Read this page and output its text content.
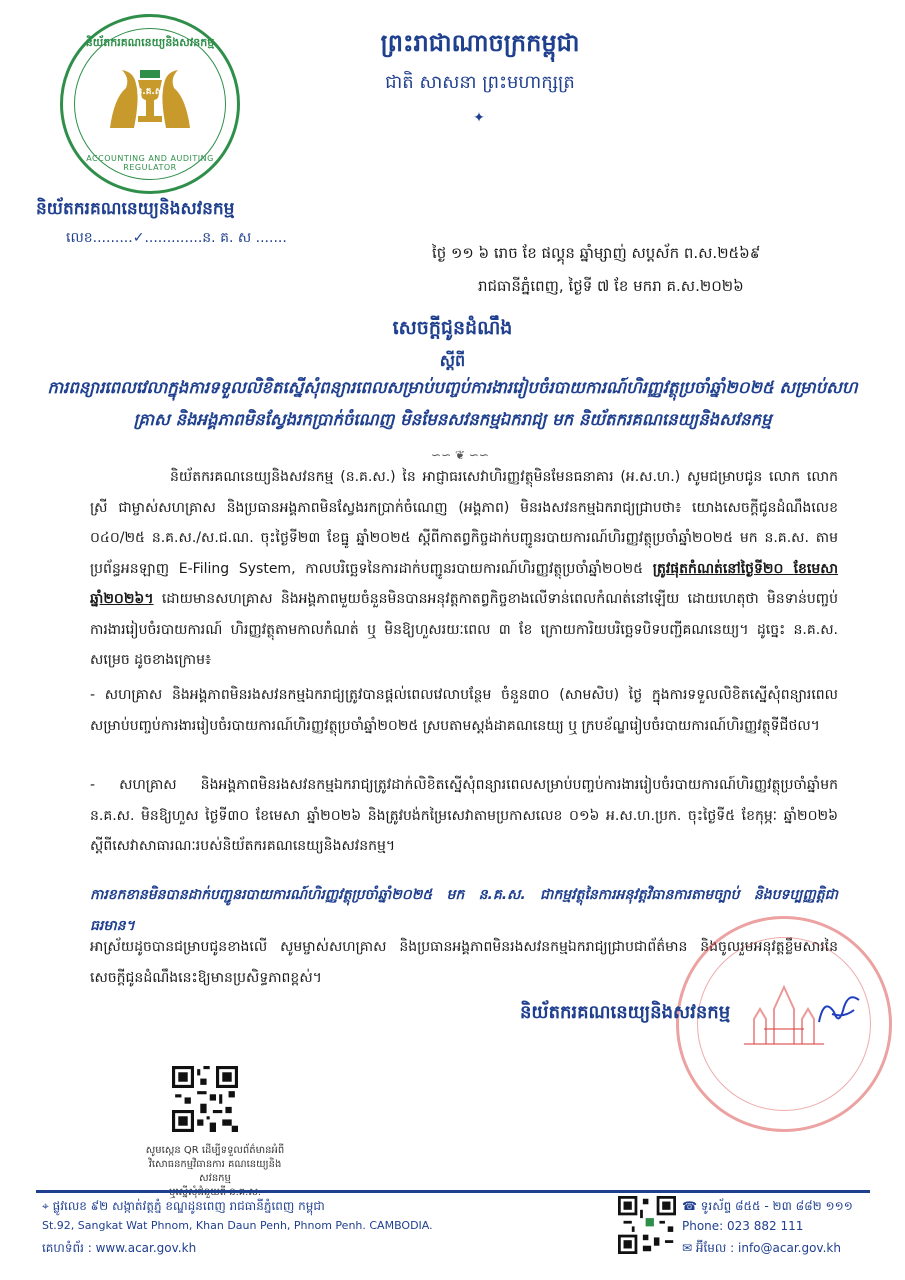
និយ័តករគណនេយ្យនិងសវនកម្ម
ACCOUNTING AND AUDITING REGULATOR
ន.គ.ស
និយ័តករគណនេយ្យនិងសវនកម្ម
លេខ.........✓.............ន. គ. ស .......
ព្រះរាជាណាចក្រកម្ពុជា
ជាតិ សាសនា ព្រះមហាក្សត្រ
✦
ថ្ងៃ ១១ ៦ រោច ខែ ផល្គុន ឆ្នាំម្សាញ់ សប្តស័ក ព.ស.២៥៦៩
រាជធានីភ្នំពេញ, ថ្ងៃទី ៧ ខែ មករា គ.ស.២០២៦
សេចក្តីជូនដំណឹង
ស្តីពី
ការពន្យារពេលវេលាក្នុងការទទួលលិខិតស្នើសុំពន្យារពេលសម្រាប់បញ្ចប់ការងាររៀបចំរបាយការណ៍ហិរញ្ញវត្ថុប្រចាំឆ្នាំ២០២៥ សម្រាប់សហគ្រាស និងអង្គភាពមិនស្វែងរកប្រាក់ចំណេញ មិនមែនសវនកម្មឯករាជ្យ មក និយ័តករគណនេយ្យនិងសវនកម្ម
∽∽ ❦ ∽∽
និយ័តករគណនេយ្យនិងសវនកម្ម (ន.គ.ស.) នៃ អាជ្ញាធរសេវាហិរញ្ញវត្ថុមិនមែនធនាគារ (អ.ស.ហ.) សូមជម្រាបជូន លោក លោកស្រី ជាម្ចាស់សហគ្រាស និងប្រធានអង្គភាពមិនស្វែងរកប្រាក់ចំណេញ (អង្គភាព) មិនរងសវនកម្មឯករាជ្យជ្រាបថា៖ យោងសេចក្តីជូនដំណឹងលេខ ០៤០/២៥ ន.គ.ស./ស.ជ.ណ. ចុះថ្ងៃទី២៣ ខែធ្នូ ឆ្នាំ២០២៥ ស្តីពីកាតព្វកិច្ចដាក់បញ្ជូនរបាយការណ៍ហិរញ្ញវត្ថុប្រចាំឆ្នាំ២០២៥ មក ន.គ.ស. តាមប្រព័ន្ធអនឡាញ E-Filing System, កាលបរិច្ឆេទនៃការដាក់បញ្ជូនរបាយការណ៍ហិរញ្ញវត្ថុប្រចាំឆ្នាំ២០២៥ ត្រូវផុតកំណត់នៅថ្ងៃទី២០ ខែមេសា ឆ្នាំ២០២៦។ ដោយមានសហគ្រាស និងអង្គភាពមួយចំនួនមិនបានអនុវត្តកាតព្វកិច្ចខាងលើទាន់ពេលកំណត់នៅឡើយ ដោយហេតុថា មិនទាន់បញ្ចប់ការងាររៀបចំរបាយការណ៍ ហិរញ្ញវត្ថុតាមកាលកំណត់ ឬ មិនឱ្យហួសរយៈពេល ៣ ខែ ក្រោយការិយបរិច្ឆេទបិទបញ្ជីគណនេយ្យ។ ដូច្នេះ ន.គ.ស. សម្រេច ដូចខាងក្រោម៖
- សហគ្រាស និងអង្គភាពមិនរងសវនកម្មឯករាជ្យត្រូវបានផ្តល់ពេលវេលាបន្ថែម ចំនួន៣០ (សាមសិប) ថ្ងៃ ក្នុងការទទួលលិខិតស្នើសុំពន្យារពេលសម្រាប់បញ្ចប់ការងាររៀបចំរបាយការណ៍ហិរញ្ញវត្ថុប្រចាំឆ្នាំ២០២៥ ស្របតាមស្តង់ដាគណនេយ្យ ឬ ក្របខ័ណ្ឌរៀបចំរបាយការណ៍ហិរញ្ញវត្ថុទីជីថល។
- សហគ្រាស និងអង្គភាពមិនរងសវនកម្មឯករាជ្យត្រូវដាក់លិខិតស្នើសុំពន្យារពេលសម្រាប់បញ្ចប់ការងាររៀបចំរបាយការណ៍ហិរញ្ញវត្ថុប្រចាំឆ្នាំមក ន.គ.ស. មិនឱ្យហួស ថ្ងៃទី៣០ ខែមេសា ឆ្នាំ២០២៦ និងត្រូវបង់កម្រៃសេវាតាមប្រកាសលេខ ០១៦ អ.ស.ហ.ប្រក. ចុះថ្ងៃទី៥ ខែកុម្ភៈ ឆ្នាំ២០២៦ ស្តីពីសេវាសាធារណៈរបស់និយ័តករគណនេយ្យនិងសវនកម្ម។
ការខកខានមិនបានដាក់បញ្ជូនរបាយការណ៍ហិរញ្ញវត្ថុប្រចាំឆ្នាំ២០២៥ មក ន.គ.ស. ជាកម្មវត្ថុនៃការអនុវត្តវិធានការតាមច្បាប់ និងបទប្បញ្ញត្តិជាធរមាន។
អាស្រ័យដូចបានជម្រាបជូនខាងលើ សូមម្ចាស់សហគ្រាស និងប្រធានអង្គភាពមិនរងសវនកម្មឯករាជ្យជ្រាបជាព័ត៌មាន និងចូលរួមអនុវត្តខ្លឹមសារនៃសេចក្តីជូនដំណឹងនេះឱ្យមានប្រសិទ្ធភាពខ្ពស់។
និយ័តករគណនេយ្យនិងសវនកម្ម
សូមស្កេន QR ដើម្បីទទួលព័ត៌មានអំពី
វិសោធនកម្មវិធានការ គណនេយ្យនិងសវនកម្ម
⌖ ផ្លូវលេខ ៩២ សង្កាត់វត្តភ្នំ ខណ្ឌដូនពេញ រាជធានីភ្នំពេញ កម្ពុជា
St.92, Sangkat Wat Phnom, Khan Daun Penh, Phnom Penh. CAMBODIA.
គេហទំព័រ : www.acar.gov.kh
☎ ទូរស័ព្ទ ៨៥៥ - ២៣ ៨៨២ ១១១
Phone: 023 882 111
✉ អ៊ីមែល : info@acar.gov.kh
